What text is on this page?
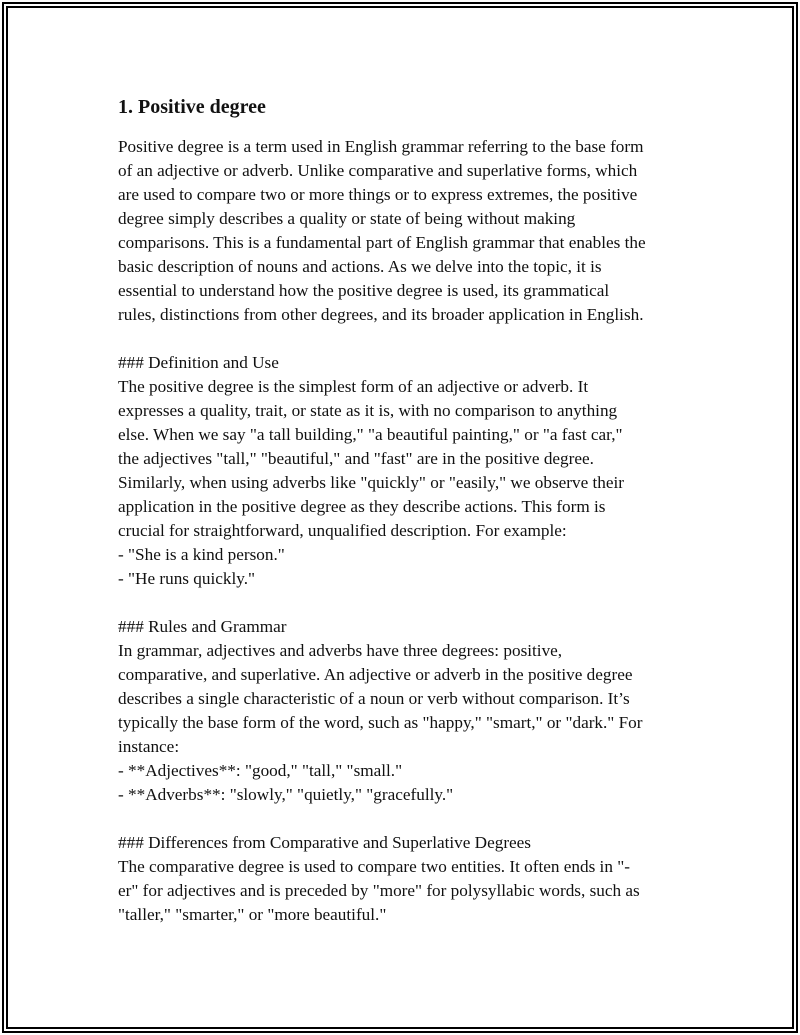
1. Positive degree

Positive degree is a term used in English grammar referring to the base form
of an adjective or adverb. Unlike comparative and superlative forms, which
are used to compare two or more things or to express extremes, the positive
degree simply describes a quality or state of being without making
comparisons. This is a fundamental part of English grammar that enables the
basic description of nouns and actions. As we delve into the topic, it is
essential to understand how the positive degree is used, its grammatical
rules, distinctions from other degrees, and its broader application in English.

### Definition and Use
The positive degree is the simplest form of an adjective or adverb. It
expresses a quality, trait, or state as it is, with no comparison to anything
else. When we say "a tall building," "a beautiful painting," or "a fast car,"
the adjectives "tall," "beautiful," and "fast" are in the positive degree.
Similarly, when using adverbs like "quickly" or "easily," we observe their
application in the positive degree as they describe actions. This form is
crucial for straightforward, unqualified description. For example:
- "She is a kind person."
- "He runs quickly."

### Rules and Grammar
In grammar, adjectives and adverbs have three degrees: positive,
comparative, and superlative. An adjective or adverb in the positive degree
describes a single characteristic of a noun or verb without comparison. It’s
typically the base form of the word, such as "happy," "smart," or "dark." For
instance:
- **Adjectives**: "good," "tall," "small."
- **Adverbs**: "slowly," "quietly," "gracefully."

### Differences from Comparative and Superlative Degrees
The comparative degree is used to compare two entities. It often ends in "-
er" for adjectives and is preceded by "more" for polysyllabic words, such as
"taller," "smarter," or "more beautiful."
